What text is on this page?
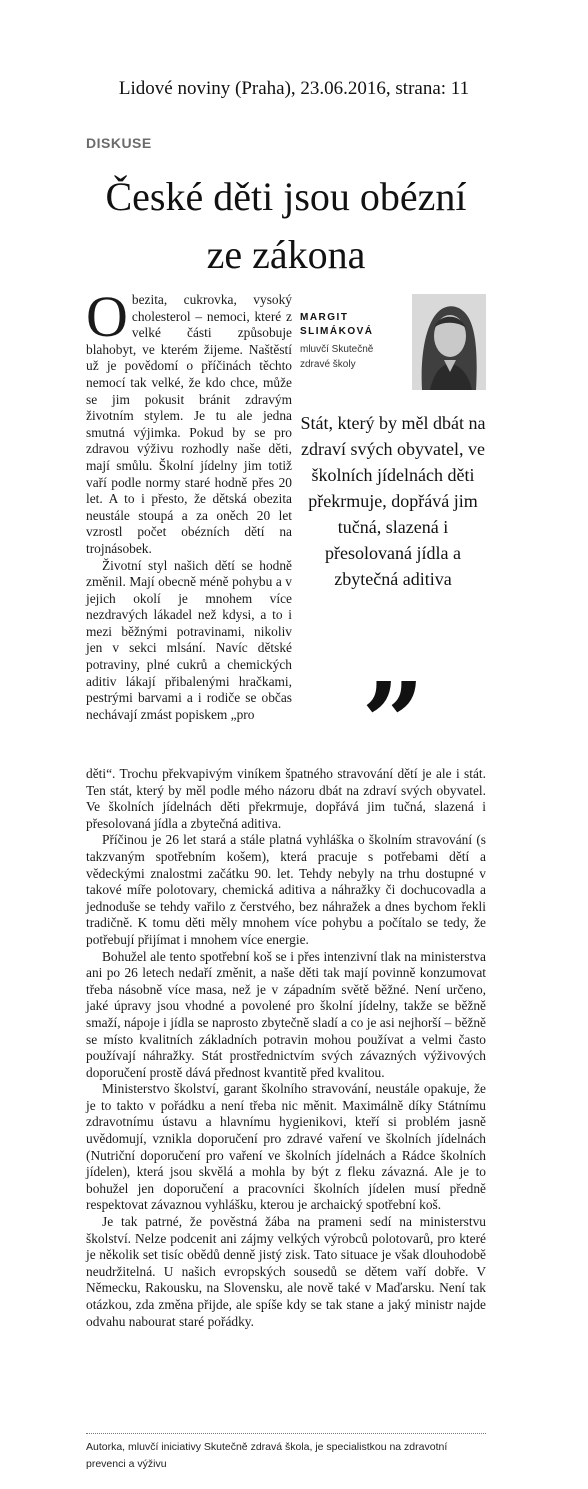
Lidové noviny (Praha), 23.06.2016, strana: 11
DISKUSE
České děti jsou obézní ze zákona

Obezita, cukrovka, vysoký cholesterol – nemoci, které z velké části způsobuje blahobyt, ve kterém žijeme. Naštěstí už je povědomí o příčinách těchto nemocí tak velké, že kdo chce, může se jim pokusit bránit zdravým životním stylem. Je tu ale jedna smutná výjimka. Pokud by se pro zdravou výživu rozhodly naše děti, mají smůlu. Školní jídelny jim totiž vaří podle normy staré hodně přes 20 let. A to i přesto, že dětská obezita neustále stoupá a za oněch 20 let vzrostl počet obézních dětí na trojnásobek.

Životní styl našich dětí se hodně změnil. Mají obecně méně pohybu a v jejich okolí je mnohem více nezdravých lákadel než kdysi, a to i mezi běžnými potravinami, nikoliv jen v sekci mlsání. Navíc dětské potraviny, plné cukrů a chemických aditiv lákají přibalenými hračkami, pestrými barvami a i rodiče se občas nechávají zmást popiskem „pro

MARGIT
SLIMÁKOVÁ
mluvčí Skutečně zdravé školy

Stát, který by měl dbát na zdraví svých obyvatel, ve školních jídelnách děti překrmuje, dopřává jim tučná, slazená i přesolovaná jídla a zbytečná aditiva

”

děti“. Trochu překvapivým viníkem špatného stravování dětí je ale i stát. Ten stát, který by měl podle mého názoru dbát na zdraví svých obyvatel. Ve školních jídelnách děti překrmuje, dopřává jim tučná, slazená i přesolovaná jídla a zbytečná aditiva.

Příčinou je 26 let stará a stále platná vyhláška o školním stravování (s takzvaným spotřebním košem), která pracuje s potřebami dětí a vědeckými znalostmi začátku 90. let. Tehdy nebyly na trhu dostupné v takové míře polotovary, chemická aditiva a náhražky či dochucovadla a jednoduše se tehdy vařilo z čerstvého, bez náhražek a dnes bychom řekli tradičně. K tomu děti měly mnohem více pohybu a počítalo se tedy, že potřebují přijímat i mnohem více energie.

Bohužel ale tento spotřební koš se i přes intenzivní tlak na ministerstva ani po 26 letech nedaří změnit, a naše děti tak mají povinně konzumovat třeba násobně více masa, než je v západním světě běžné. Není určeno, jaké úpravy jsou vhodné a povolené pro školní jídelny, takže se běžně smaží, nápoje i jídla se naprosto zbytečně sladí a co je asi nejhorší – běžně se místo kvalitních základních potravin mohou používat a velmi často používají náhražky. Stát prostřednictvím svých závazných výživových doporučení prostě dává přednost kvantitě před kvalitou.

Ministerstvo školství, garant školního stravování, neustále opakuje, že je to takto v pořádku a není třeba nic měnit. Maximálně díky Státnímu zdravotnímu ústavu a hlavnímu hygienikovi, kteří si problém jasně uvědomují, vznikla doporučení pro zdravé vaření ve školních jídelnách (Nutriční doporučení pro vaření ve školních jídelnách a Rádce školních jídelen), která jsou skvělá a mohla by být z fleku závazná. Ale je to bohužel jen doporučení a pracovníci školních jídelen musí předně respektovat závaznou vyhlášku, kterou je archaický spotřební koš.

Je tak patrné, že pověstná žába na prameni sedí na ministerstvu školství. Nelze podcenit ani zájmy velkých výrobců polotovarů, pro které je několik set tisíc obědů denně jistý zisk. Tato situace je však dlouhodobě neudržitelná. U našich evropských sousedů se dětem vaří dobře. V Německu, Rakousku, na Slovensku, ale nově také v Maďarsku. Není tak otázkou, zda změna přijde, ale spíše kdy se tak stane a jaký ministr najde odvahu nabourat staré pořádky.

Autorka, mluvčí iniciativy Skutečně zdravá škola, je specialistkou na zdravotní prevenci a výživu
